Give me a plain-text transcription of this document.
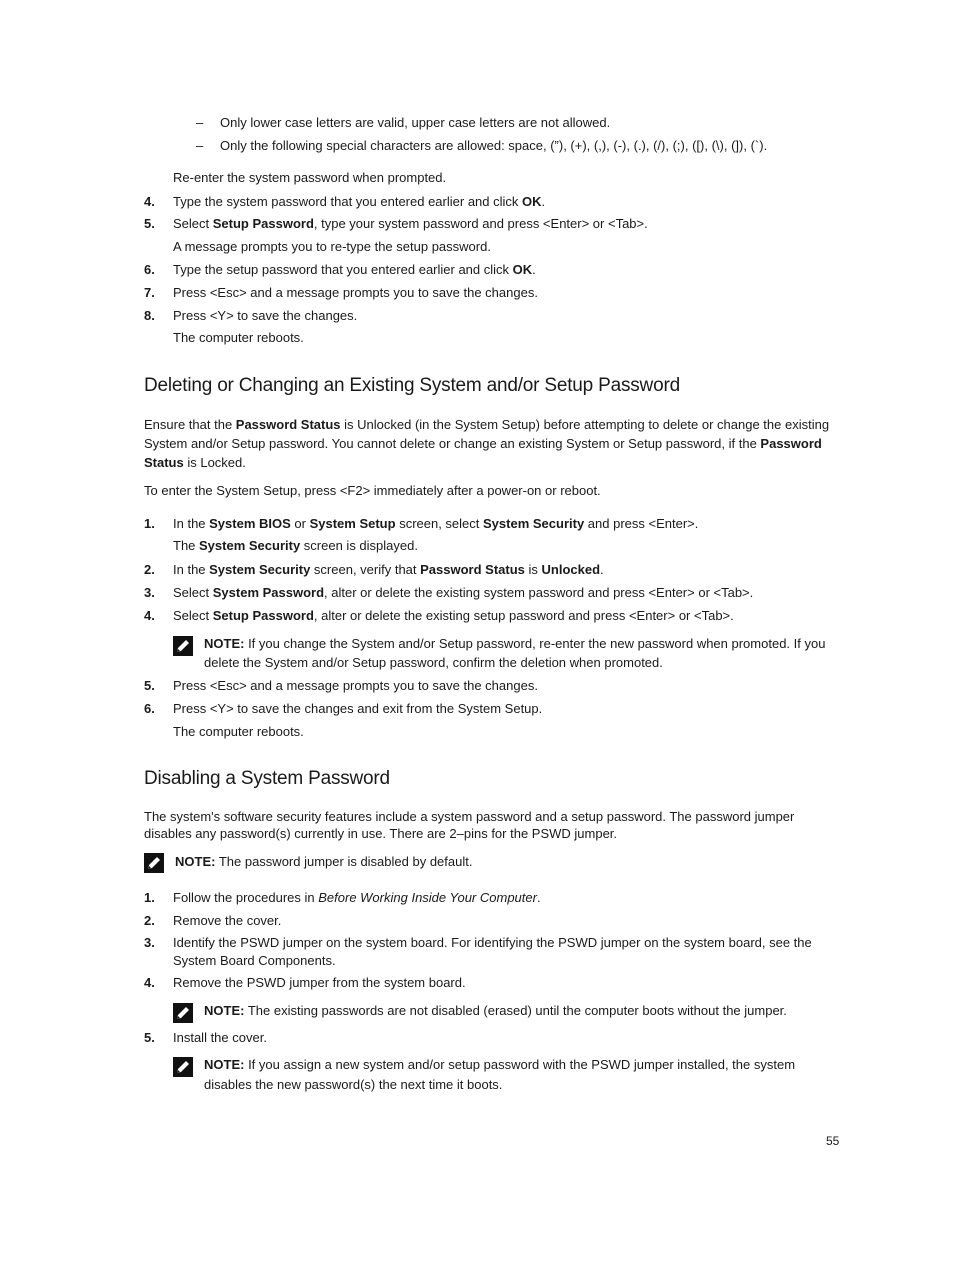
– Only lower case letters are valid, upper case letters are not allowed.
– Only the following special characters are allowed: space, (”), (+), (,), (-), (.), (/), (;), ([), (\), (]), (`).
Re-enter the system password when prompted.
4. Type the system password that you entered earlier and click OK.
5. Select Setup Password, type your system password and press <Enter> or <Tab>.
A message prompts you to re-type the setup password.
6. Type the setup password that you entered earlier and click OK.
7. Press <Esc> and a message prompts you to save the changes.
8. Press <Y> to save the changes.
The computer reboots.
Deleting or Changing an Existing System and/or Setup Password
Ensure that the Password Status is Unlocked (in the System Setup) before attempting to delete or change the existing
System and/or Setup password. You cannot delete or change an existing System or Setup password, if the Password
Status is Locked.
To enter the System Setup, press <F2> immediately after a power-on or reboot.
1. In the System BIOS or System Setup screen, select System Security and press <Enter>.
The System Security screen is displayed.
2. In the System Security screen, verify that Password Status is Unlocked.
3. Select System Password, alter or delete the existing system password and press <Enter> or <Tab>.
4. Select Setup Password, alter or delete the existing setup password and press <Enter> or <Tab>.
NOTE: If you change the System and/or Setup password, re-enter the new password when promoted. If you
delete the System and/or Setup password, confirm the deletion when promoted.
5. Press <Esc> and a message prompts you to save the changes.
6. Press <Y> to save the changes and exit from the System Setup.
The computer reboots.
Disabling a System Password
The system's software security features include a system password and a setup password. The password jumper
disables any password(s) currently in use. There are 2–pins for the PSWD jumper.
NOTE: The password jumper is disabled by default.
1. Follow the procedures in Before Working Inside Your Computer.
2. Remove the cover.
3. Identify the PSWD jumper on the system board. For identifying the PSWD jumper on the system board, see the
System Board Components.
4. Remove the PSWD jumper from the system board.
NOTE: The existing passwords are not disabled (erased) until the computer boots without the jumper.
5. Install the cover.
NOTE: If you assign a new system and/or setup password with the PSWD jumper installed, the system
disables the new password(s) the next time it boots.
55
